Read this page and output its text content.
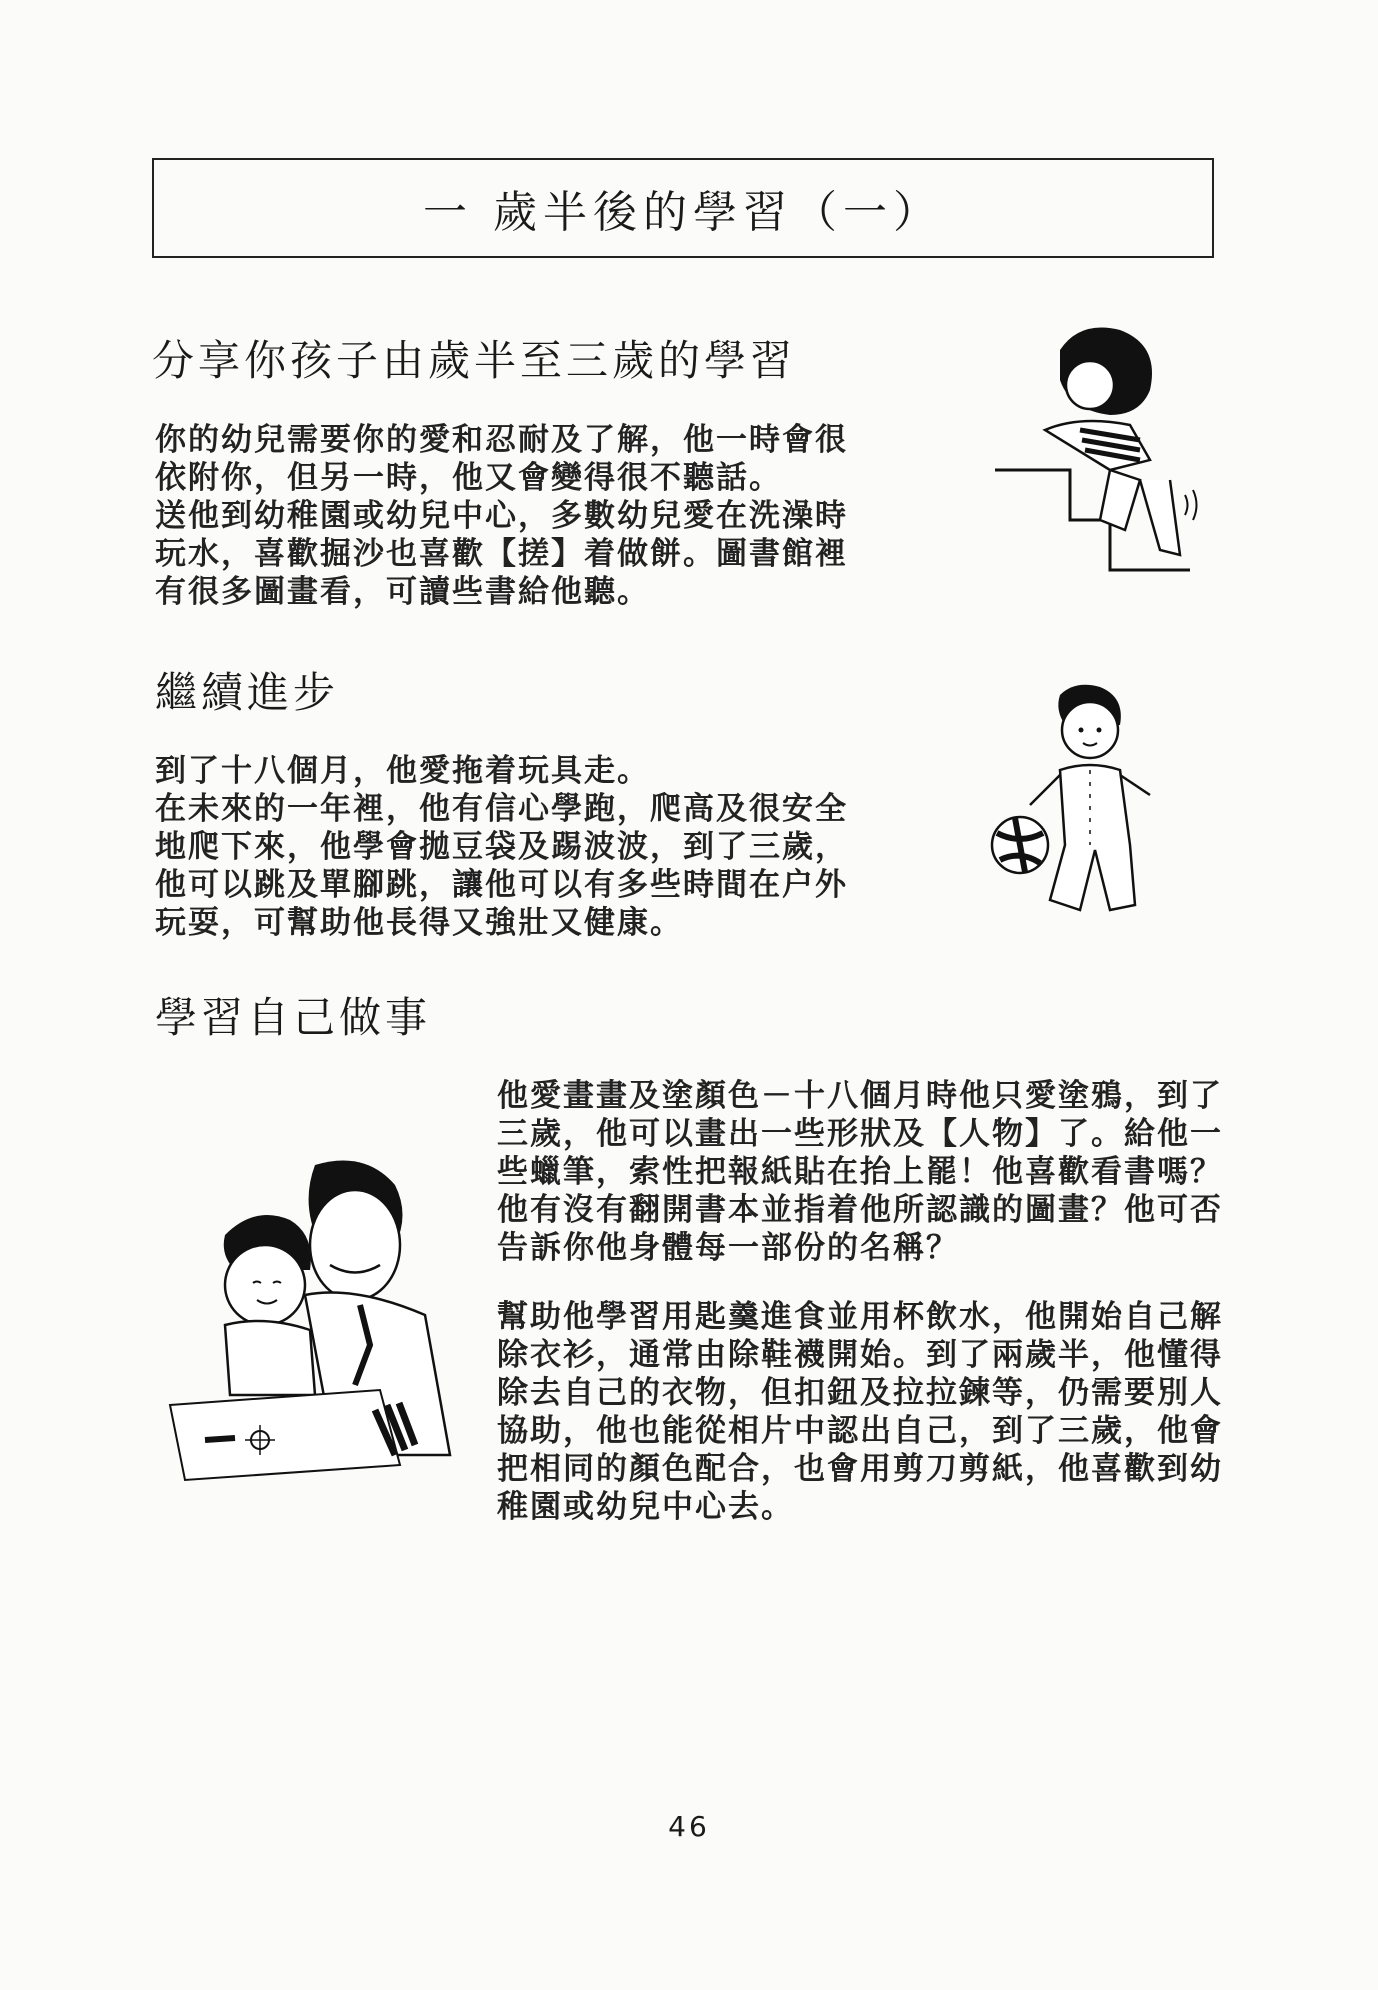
一 歲半後的學習（一）
分享你孩子由歲半至三歲的學習
你的幼兒需要你的愛和忍耐及了解，他一時會很
依附你，但另一時，他又會變得很不聽話。
送他到幼稚園或幼兒中心，多數幼兒愛在洗澡時
玩水，喜歡掘沙也喜歡【搓】着做餅。圖書館裡
有很多圖畫看，可讀些書給他聽。
繼續進步
到了十八個月，他愛拖着玩具走。
在未來的一年裡，他有信心學跑，爬高及很安全
地爬下來，他學會拋豆袋及踢波波，到了三歲，
他可以跳及單腳跳，讓他可以有多些時間在户外
玩耍，可幫助他長得又強壯又健康。
學習自己做事
他愛畫畫及塗顏色－十八個月時他只愛塗鴉，到了
三歲，他可以畫出一些形狀及【人物】了。給他一
些蠟筆，索性把報紙貼在抬上罷！他喜歡看書嗎？
他有沒有翻開書本並指着他所認識的圖畫？他可否
告訴你他身體每一部份的名稱？
幫助他學習用匙羹進食並用杯飲水，他開始自己解
除衣衫，通常由除鞋襪開始。到了兩歲半，他懂得
除去自己的衣物，但扣鈕及拉拉鍊等，仍需要別人
協助，他也能從相片中認出自己，到了三歲，他會
把相同的顏色配合，也會用剪刀剪紙，他喜歡到幼
稚園或幼兒中心去。
46
